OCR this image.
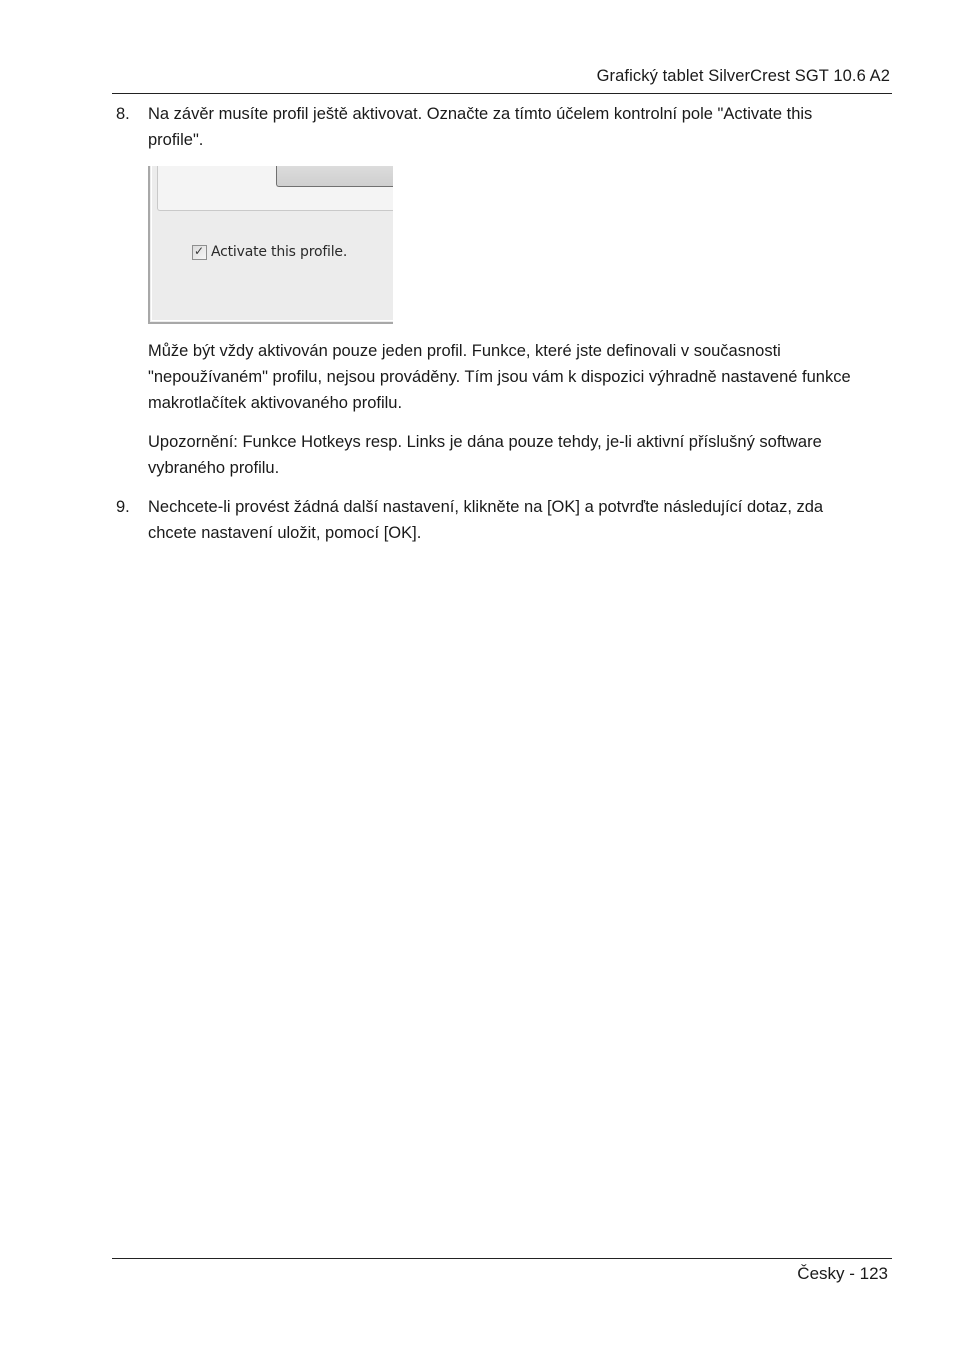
Grafický tablet SilverCrest SGT 10.6 A2
8. Na závěr musíte profil ještě aktivovat. Označte za tímto účelem kontrolní pole "Activate this profile".
✓ Activate this profile.
Může být vždy aktivován pouze jeden profil. Funkce, které jste definovali v současnosti "nepoužívaném" profilu, nejsou prováděny. Tím jsou vám k dispozici výhradně nastavené funkce makrotlačítek aktivovaného profilu.
Upozornění: Funkce Hotkeys resp. Links je dána pouze tehdy, je-li aktivní příslušný software vybraného profilu.
9. Nechcete-li provést žádná další nastavení, klikněte na [OK] a potvrďte následující dotaz, zda chcete nastavení uložit, pomocí [OK].
Česky - 123
